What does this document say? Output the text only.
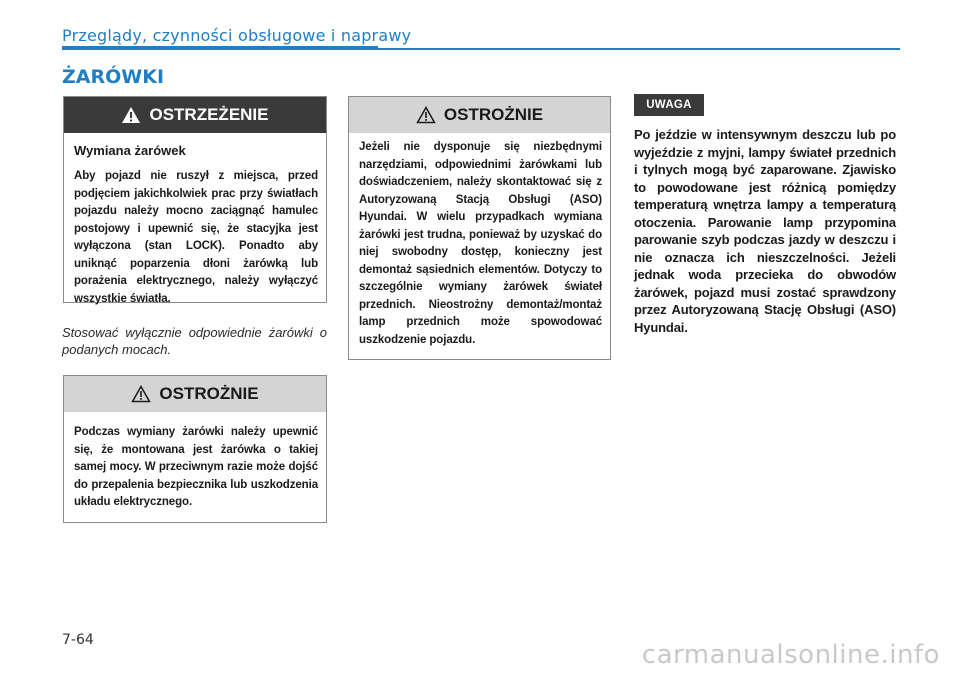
Przeglądy, czynności obsługowe i naprawy
ŻARÓWKI
OSTRZEŻENIE
Wymiana żarówek
Aby pojazd nie ruszył z miejsca, przed podjęciem jakichkolwiek prac przy światłach pojazdu należy mocno zaciągnąć hamulec postojowy i upewnić się, że stacyjka jest wyłączona (stan LOCK). Ponadto aby uniknąć poparzenia dłoni żarówką lub porażenia elektrycznego, należy wyłączyć wszystkie światła.
Stosować wyłącznie odpowiednie żarówki o podanych mocach.
OSTROŻNIE
Podczas wymiany żarówki należy upewnić się, że montowana jest żarówka o takiej samej mocy. W przeciwnym razie może dojść do przepalenia bezpiecznika lub uszkodzenia układu elektrycznego.
OSTROŻNIE
Jeżeli nie dysponuje się niezbędnymi narzędziami, odpowiednimi żarówkami lub doświadczeniem, należy skontaktować się z Autoryzowaną Stacją Obsługi (ASO) Hyundai. W wielu przypadkach wymiana żarówki jest trudna, ponieważ by uzyskać do niej swobodny dostęp, konieczny jest demontaż sąsiednich elementów. Dotyczy to szczególnie wymiany żarówek świateł przednich. Nieostrożny demontaż/montaż lamp przednich może spowodować uszkodzenie pojazdu.
UWAGA
Po jeździe w intensywnym deszczu lub po wyjeździe z myjni, lampy świateł przednich i tylnych mogą być zaparowane. Zjawisko to powodowane jest różnicą pomiędzy temperaturą wnętrza lampy a temperaturą otoczenia. Parowanie lamp przypomina parowanie szyb podczas jazdy w deszczu i nie oznacza ich nieszczelności. Jeżeli jednak woda przecieka do obwodów żarówek, pojazd musi zostać sprawdzony przez Autoryzowaną Stację Obsługi (ASO) Hyundai.
7-64	carmanualsonline.info
